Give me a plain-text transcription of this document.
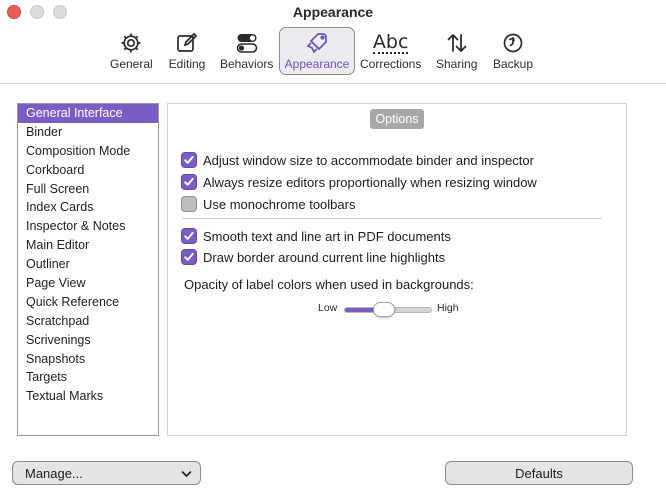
Appearance
General Editing Behaviors Appearance
Abc
Corrections Sharing Backup
General Interface
Binder
Composition Mode
Corkboard
Full Screen
Index Cards
Inspector & Notes
Main Editor
Outliner
Page View
Quick Reference
Scratchpad
Scrivenings
Snapshots
Targets
Textual Marks
Options
Adjust window size to accommodate binder and inspector
Always resize editors proportionally when resizing window
Use monochrome toolbars
Smooth text and line art in PDF documents
Draw border around current line highlights
Opacity of label colors when used in backgrounds:
Low	High
Manage...	Defaults
